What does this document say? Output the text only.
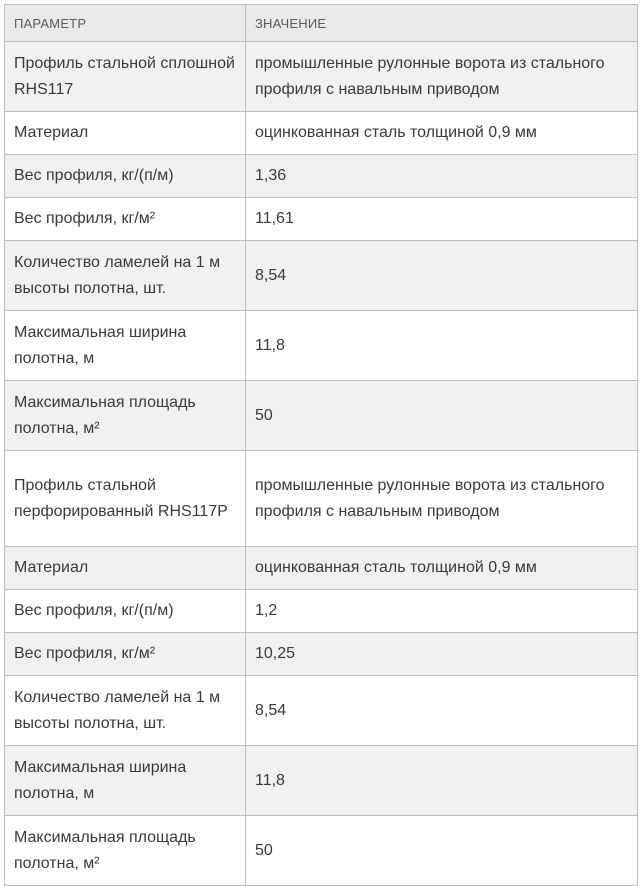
ПАРАМЕТР	ЗНАЧЕНИЕ
Профиль стальной сплошной RHS117	промышленные рулонные ворота из стального профиля с навальным приводом
Материал	оцинкованная сталь толщиной 0,9 мм
Вес профиля, кг/(п/м)	1,36
Вес профиля, кг/м²	11,61
Количество ламелей на 1 м высоты полотна, шт.	8,54
Максимальная ширина полотна, м	11,8
Максимальная площадь полотна, м²	50
Профиль стальной перфорированный RHS117P	промышленные рулонные ворота из стального профиля с навальным приводом
Материал	оцинкованная сталь толщиной 0,9 мм
Вес профиля, кг/(п/м)	1,2
Вес профиля, кг/м²	10,25
Количество ламелей на 1 м высоты полотна, шт.	8,54
Максимальная ширина полотна, м	11,8
Максимальная площадь полотна, м²	50
